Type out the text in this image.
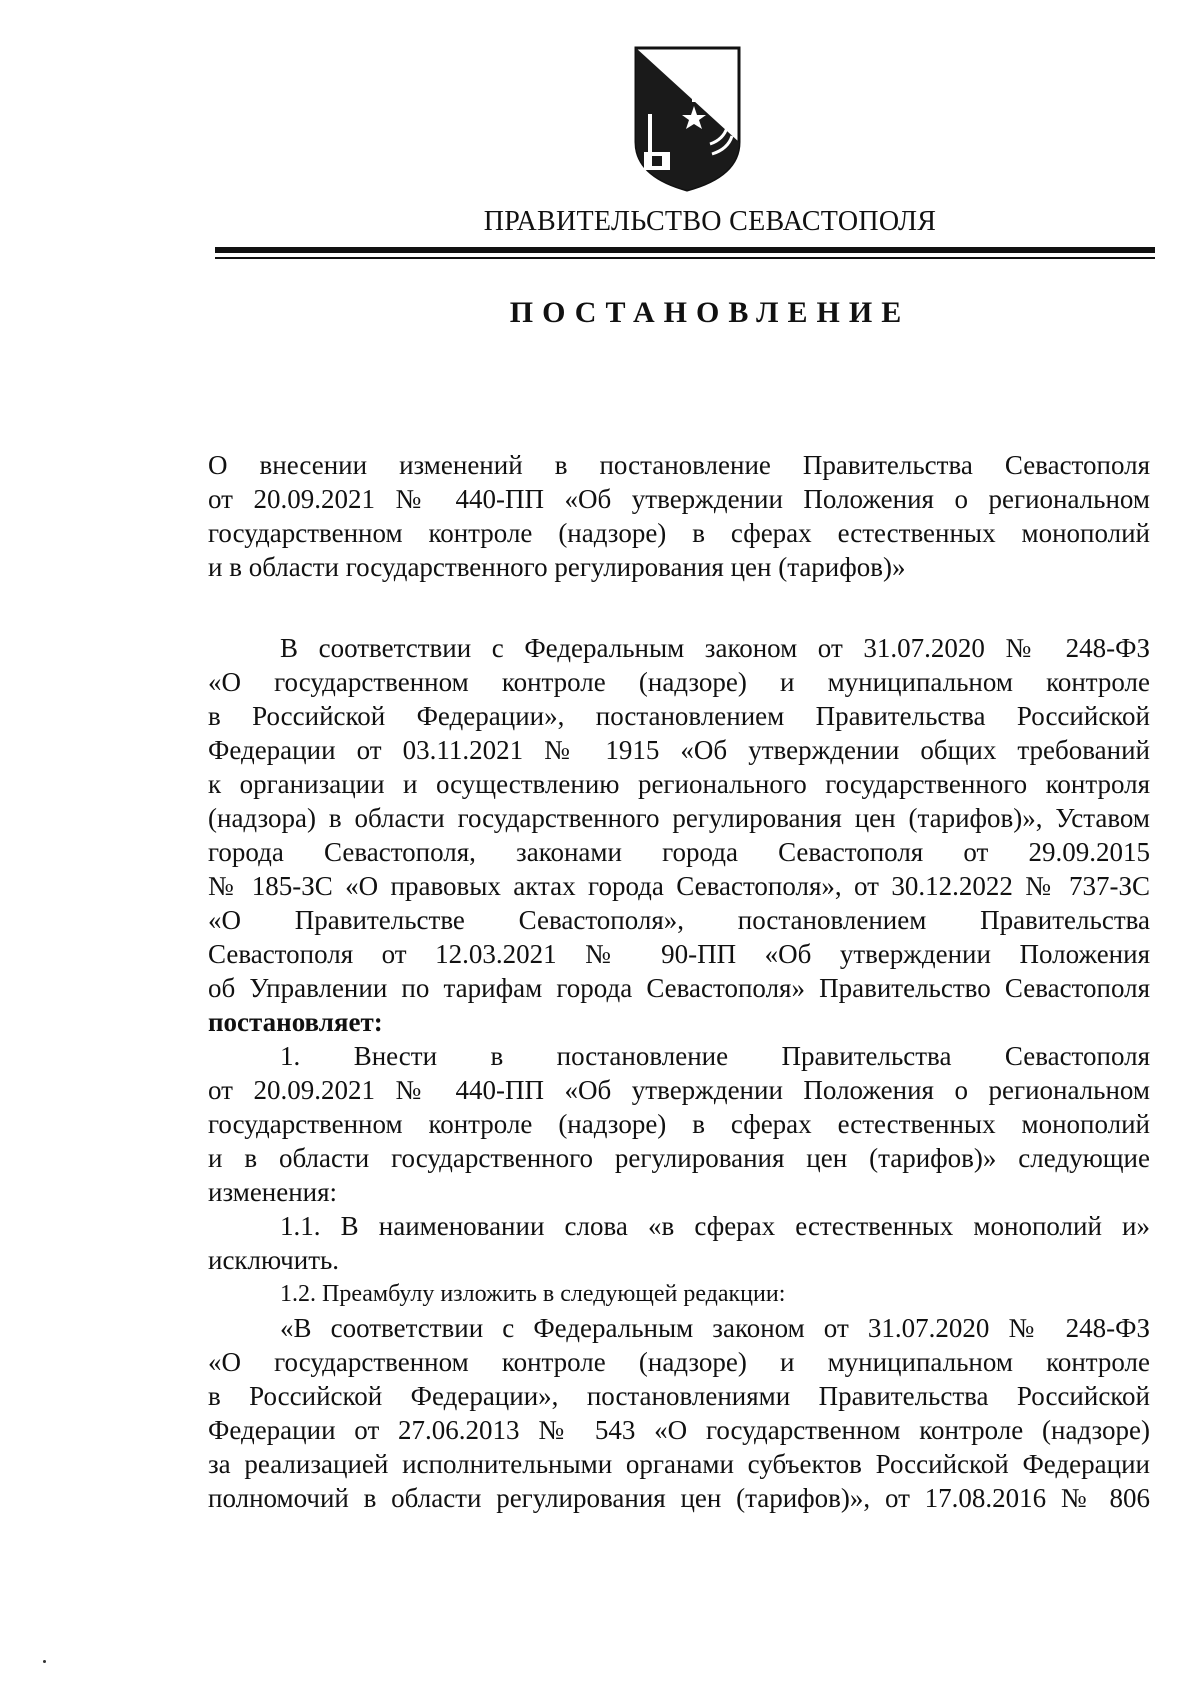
ПРАВИТЕЛЬСТВО СЕВАСТОПОЛЯ
ПОСТАНОВЛЕНИЕ
О внесении изменений в постановление Правительства Севастополя
от 20.09.2021 № 440-ПП «Об утверждении Положения о региональном
государственном контроле (надзоре) в сферах естественных монополий
и в области государственного регулирования цен (тарифов)»
В соответствии с Федеральным законом от 31.07.2020 № 248-ФЗ
«О государственном контроле (надзоре) и муниципальном контроле
в Российской Федерации», постановлением Правительства Российской
Федерации от 03.11.2021 № 1915 «Об утверждении общих требований
к организации и осуществлению регионального государственного контроля
(надзора) в области государственного регулирования цен (тарифов)», Уставом
города Севастополя, законами города Севастополя от 29.09.2015
№ 185-ЗС «О правовых актах города Севастополя», от 30.12.2022 № 737-ЗС
«О Правительстве Севастополя», постановлением Правительства
Севастополя от 12.03.2021 № 90-ПП «Об утверждении Положения
об Управлении по тарифам города Севастополя» Правительство Севастополя
постановляет:
1. Внести в постановление Правительства Севастополя
от 20.09.2021 № 440-ПП «Об утверждении Положения о региональном
государственном контроле (надзоре) в сферах естественных монополий
и в области государственного регулирования цен (тарифов)» следующие
изменения:
1.1. В наименовании слова «в сферах естественных монополий и»
исключить.
1.2. Преамбулу изложить в следующей редакции:
«В соответствии с Федеральным законом от 31.07.2020 № 248-ФЗ
«О государственном контроле (надзоре) и муниципальном контроле
в Российской Федерации», постановлениями Правительства Российской
Федерации от 27.06.2013 № 543 «О государственном контроле (надзоре)
за реализацией исполнительными органами субъектов Российской Федерации
полномочий в области регулирования цен (тарифов)», от 17.08.2016 № 806
